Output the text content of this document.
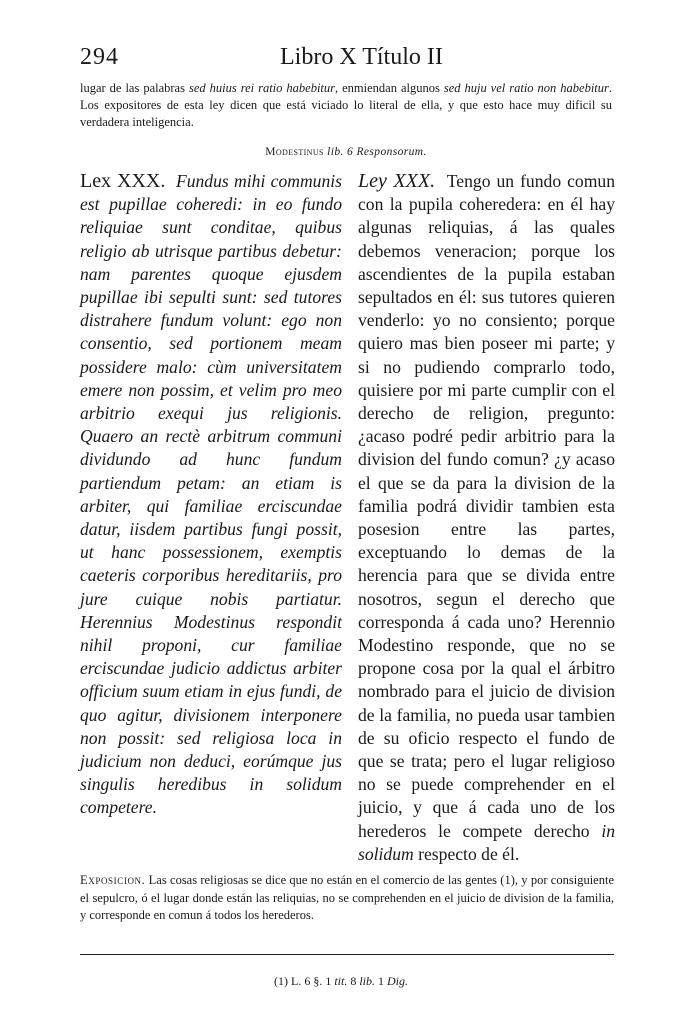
294	Libro X Título II
lugar de las palabras sed huius rei ratio habebitur, enmiendan algunos sed huju vel ratio non habebitur. Los expositores de esta ley dicen que está viciado lo literal de ella, y que esto hace muy dificil su verdadera inteligencia.
Modestinus lib. 6 Responsorum.

Lex XXX. Fundus mihi communis est pupillae coheredi: in eo fundo reliquiae sunt conditae, quibus religio ab utrisque partibus debetur: nam parentes quoque ejusdem pupillae ibi sepulti sunt: sed tutores distrahere fundum volunt: ego non consentio, sed portionem meam possidere malo: cùm universitatem emere non possim, et velim pro meo arbitrio exequi jus religionis. Quaero an rectè arbitrum communi dividundo ad hunc fundum partiendum petam: an etiam is arbiter, qui familiae erciscundae datur, iisdem partibus fungi possit, ut hanc possessionem, exemptis caeteris corporibus hereditariis, pro jure cuique nobis partiatur. Herennius Modestinus respondit nihil proponi, cur familiae erciscundae judicio addictus arbiter officium suum etiam in ejus fundi, de quo agitur, divisionem interponere non possit: sed religiosa loca in judicium non deduci, eorúmque jus singulis heredibus in solidum competere.

Ley XXX. Tengo un fundo comun con la pupila coheredera: en él hay algunas reliquias, á las quales debemos veneracion; porque los ascendientes de la pupila estaban sepultados en él: sus tutores quieren venderlo: yo no consiento; porque quiero mas bien poseer mi parte; y si no pudiendo comprarlo todo, quisiere por mi parte cumplir con el derecho de religion, pregunto: ¿acaso podré pedir arbitrio para la division del fundo comun? ¿y acaso el que se da para la division de la familia podrá dividir tambien esta posesion entre las partes, exceptuando lo demas de la herencia para que se divida entre nosotros, segun el derecho que corresponda á cada uno? Herennio Modestino responde, que no se propone cosa por la qual el árbitro nombrado para el juicio de division de la familia, no pueda usar tambien de su oficio respecto el fundo de que se trata; pero el lugar religioso no se puede comprehender en el juicio, y que á cada uno de los herederos le compete derecho in solidum respecto de él.

Exposicion. Las cosas religiosas se dice que no están en el comercio de las gentes (1), y por consiguiente el sepulcro, ó el lugar donde están las reliquias, no se comprehenden en el juicio de division de la familia, y corresponde en comun á todos los herederos.
(1) L. 6 §. 1 tit. 8 lib. 1 Dig.
